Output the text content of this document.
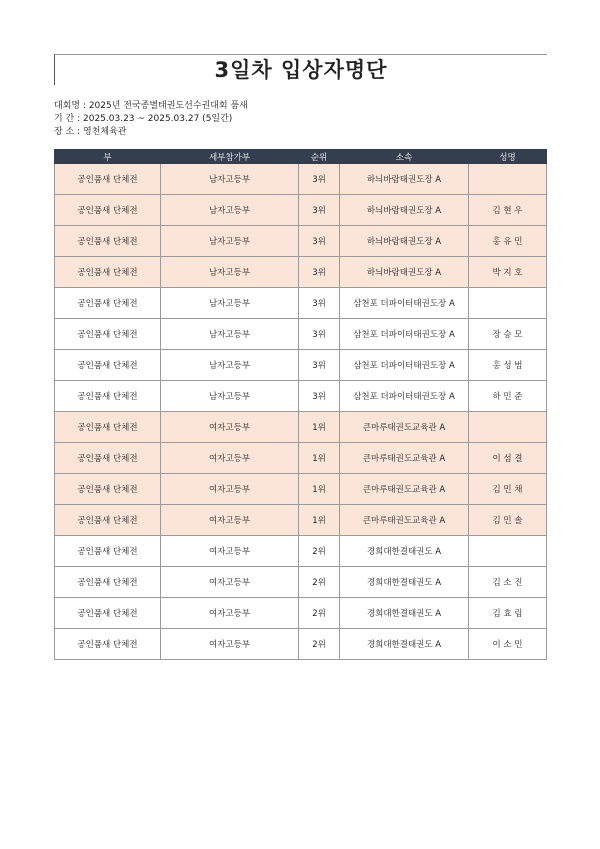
3일차 입상자명단
대회명 : 2025년 전국종별태권도선수권대회 품새
기 간 : 2025.03.23 ~ 2025.03.27 (5일간)
장 소 : 영천체육관
부	세부참가부	순위	소속	성명
공인품새 단체전	남자고등부	3위	하늬바람태권도장 A	
공인품새 단체전	남자고등부	3위	하늬바람태권도장 A	김 현 우
공인품새 단체전	남자고등부	3위	하늬바람태권도장 A	홍 유 민
공인품새 단체전	남자고등부	3위	하늬바람태권도장 A	박 지 호
공인품새 단체전	남자고등부	3위	삼천포 더파이터태권도장 A	
공인품새 단체전	남자고등부	3위	삼천포 더파이터태권도장 A	장 승 모
공인품새 단체전	남자고등부	3위	삼천포 더파이터태권도장 A	홍 성 범
공인품새 단체전	남자고등부	3위	삼천포 더파이터태권도장 A	하 민 준
공인품새 단체전	여자고등부	1위	큰마루태권도교육관 A	
공인품새 단체전	여자고등부	1위	큰마루태권도교육관 A	이 섬 결
공인품새 단체전	여자고등부	1위	큰마루태권도교육관 A	김 민 채
공인품새 단체전	여자고등부	1위	큰마루태권도교육관 A	김 민 솔
공인품새 단체전	여자고등부	2위	경희대한결태권도 A	
공인품새 단체전	여자고등부	2위	경희대한결태권도 A	김 소 진
공인품새 단체전	여자고등부	2위	경희대한결태권도 A	김 효 림
공인품새 단체전	여자고등부	2위	경희대한결태권도 A	이 소 민
